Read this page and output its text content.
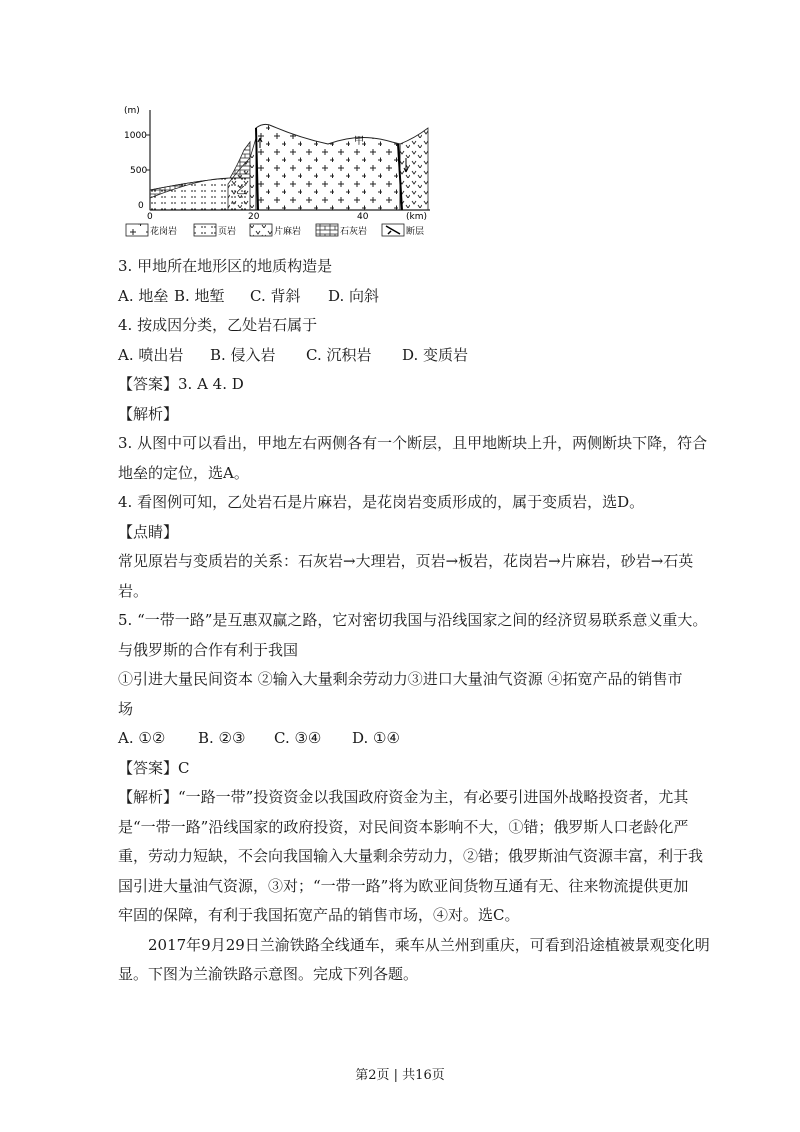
(m)
1000
500
0
0	20	40	(km)
甲
乙
花岗岩	页岩	片麻岩	石灰岩	断层

3. 甲地所在地形区的地质构造是

A. 地垒 B. 地堑 C. 背斜 D. 向斜

4. 按成因分类，乙处岩石属于

A. 喷出岩 B. 侵入岩 C. 沉积岩 D. 变质岩

【答案】3. A 4. D

【解析】

3. 从图中可以看出，甲地左右两侧各有一个断层，且甲地断块上升，两侧断块下降，符合

地垒的定位，选A。

4. 看图例可知，乙处岩石是片麻岩，是花岗岩变质形成的，属于变质岩，选D。

【点睛】

常见原岩与变质岩的关系：石灰岩→大理岩，页岩→板岩，花岗岩→片麻岩，砂岩→石英

岩。

5. “一带一路”是互惠双赢之路，它对密切我国与沿线国家之间的经济贸易联系意义重大。

与俄罗斯的合作有利于我国

①引进大量民间资本 ②输入大量剩余劳动力③进口大量油气资源 ④拓宽产品的销售市

场

A. ①② B. ②③ C. ③④ D. ①④

【答案】C

【解析】“一路一带”投资资金以我国政府资金为主，有必要引进国外战略投资者，尤其

是“一带一路”沿线国家的政府投资，对民间资本影响不大，①错；俄罗斯人口老龄化严

重，劳动力短缺，不会向我国输入大量剩余劳动力，②错；俄罗斯油气资源丰富，利于我

国引进大量油气资源，③对；“一带一路”将为欧亚间货物互通有无、往来物流提供更加

牢固的保障，有利于我国拓宽产品的销售市场，④对。选C。

2017年9月29日兰渝铁路全线通车，乘车从兰州到重庆，可看到沿途植被景观变化明

显。下图为兰渝铁路示意图。完成下列各题。

第2页 | 共16页
